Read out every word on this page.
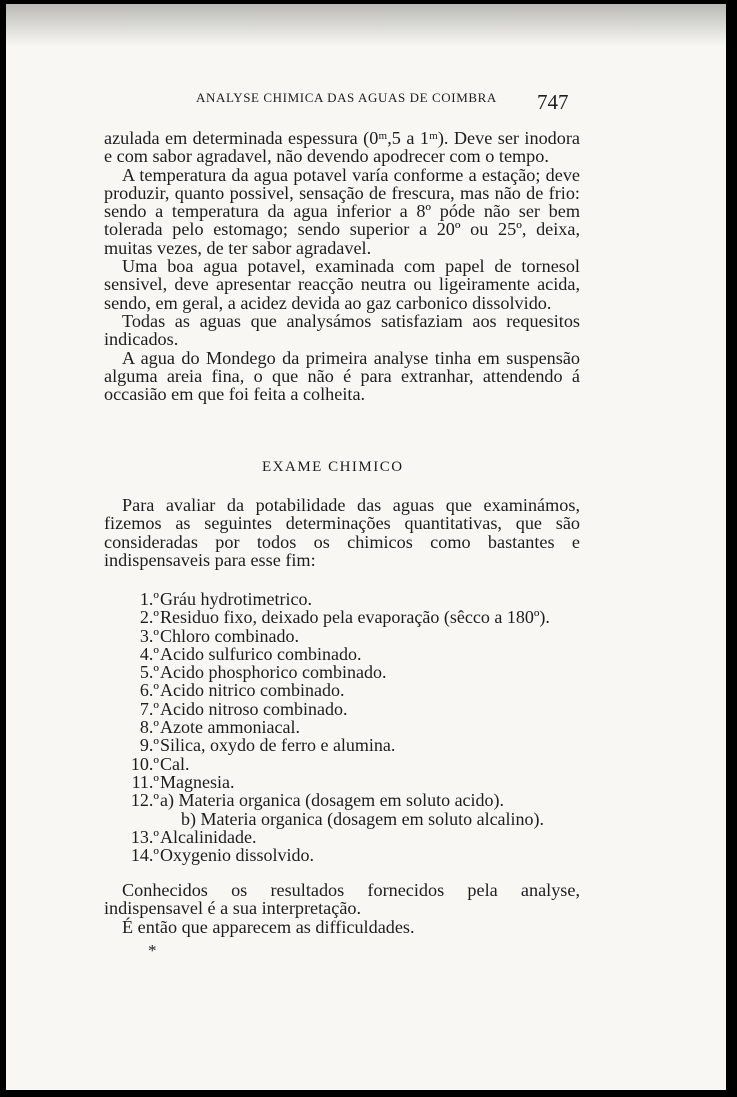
ANALYSE CHIMICA DAS AGUAS DE COIMBRA 747

azulada em determinada espessura (0ᵐ,5 a 1ᵐ). Deve ser inodora e com sabor agradavel, não devendo apodrecer com o tempo.

A temperatura da agua potavel varía conforme a estação; deve produzir, quanto possivel, sensação de frescura, mas não de frio: sendo a temperatura da agua inferior a 8º póde não ser bem tolerada pelo estomago; sendo superior a 20º ou 25º, deixa, muitas vezes, de ter sabor agradavel.

Uma boa agua potavel, examinada com papel de tornesol sensivel, deve apresentar reacção neutra ou ligeiramente acida, sendo, em geral, a acidez devida ao gaz carbonico dissolvido.

Todas as aguas que analysámos satisfaziam aos requesitos indicados.

A agua do Mondego da primeira analyse tinha em suspensão alguma areia fina, o que não é para extranhar, attendendo á occasião em que foi feita a colheita.

EXAME CHIMICO

Para avaliar da potabilidade das aguas que examinámos, fizemos as seguintes determinações quantitativas, que são consideradas por todos os chimicos como bastantes e indispensaveis para esse fim:

1.º Gráu hydrotimetrico.
2.º Residuo fixo, deixado pela evaporação (sêcco a 180º).
3.º Chloro combinado.
4.º Acido sulfurico combinado.
5.º Acido phosphorico combinado.
6.º Acido nitrico combinado.
7.º Acido nitroso combinado.
8.º Azote ammoniacal.
9.º Silica, oxydo de ferro e alumina.
10.º Cal.
11.º Magnesia.
12.º a) Materia organica (dosagem em soluto acido).
b) Materia organica (dosagem em soluto alcalino).
13.º Alcalinidade.
14.º Oxygenio dissolvido.

Conhecidos os resultados fornecidos pela analyse, indispensavel é a sua interpretação.

É então que apparecem as difficuldades.

*
